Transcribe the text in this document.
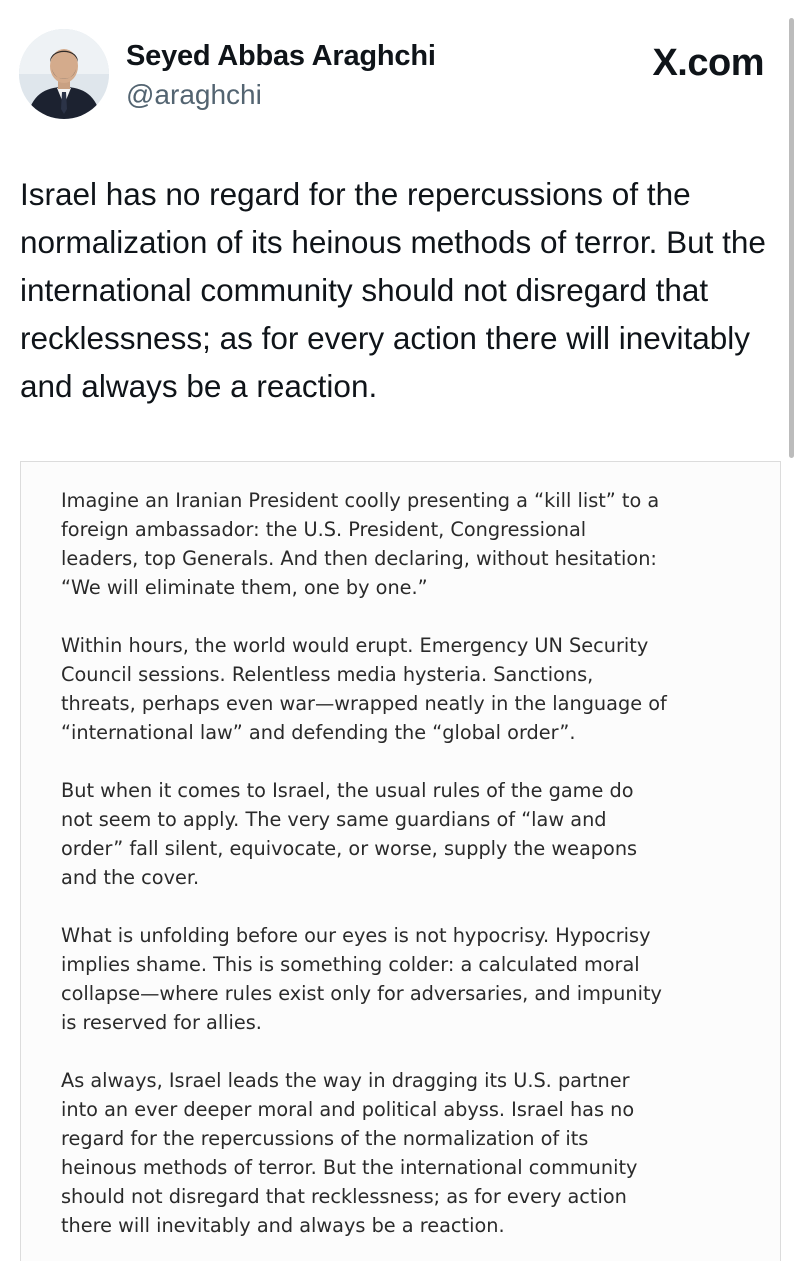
Seyed Abbas Araghchi
@araghchi
X.com

Israel has no regard for the repercussions of the normalization of its heinous methods of terror. But the international community should not disregard that recklessness; as for every action there will inevitably and always be a reaction.

Imagine an Iranian President coolly presenting a “kill list” to a
foreign ambassador: the U.S. President, Congressional
leaders, top Generals. And then declaring, without hesitation:
“We will eliminate them, one by one.”

Within hours, the world would erupt. Emergency UN Security
Council sessions. Relentless media hysteria. Sanctions,
threats, perhaps even war—wrapped neatly in the language of
“international law” and defending the “global order”.

But when it comes to Israel, the usual rules of the game do
not seem to apply. The very same guardians of “law and
order” fall silent, equivocate, or worse, supply the weapons
and the cover.

What is unfolding before our eyes is not hypocrisy. Hypocrisy
implies shame. This is something colder: a calculated moral
collapse—where rules exist only for adversaries, and impunity
is reserved for allies.

As always, Israel leads the way in dragging its U.S. partner
into an ever deeper moral and political abyss. Israel has no
regard for the repercussions of the normalization of its
heinous methods of terror. But the international community
should not disregard that recklessness; as for every action
there will inevitably and always be a reaction.
